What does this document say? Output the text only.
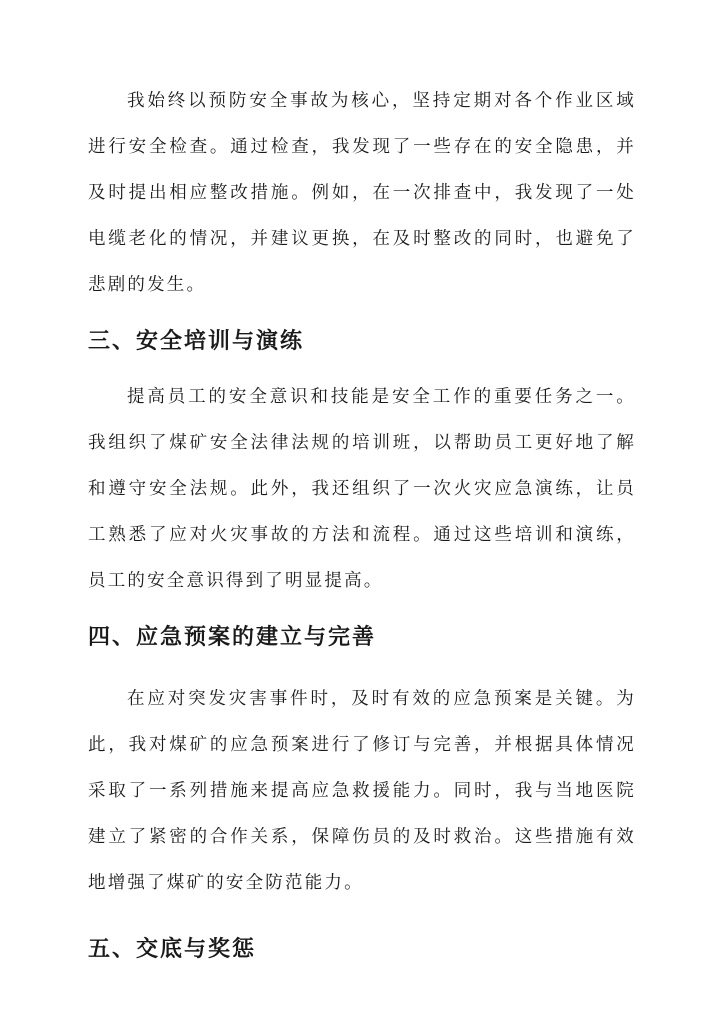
我始终以预防安全事故为核心，坚持定期对各个作业区域进行安全检查。通过检查，我发现了一些存在的安全隐患，并及时提出相应整改措施。例如，在一次排查中，我发现了一处电缆老化的情况，并建议更换，在及时整改的同时，也避免了悲剧的发生。

三、安全培训与演练

提高员工的安全意识和技能是安全工作的重要任务之一。我组织了煤矿安全法律法规的培训班，以帮助员工更好地了解和遵守安全法规。此外，我还组织了一次火灾应急演练，让员工熟悉了应对火灾事故的方法和流程。通过这些培训和演练，员工的安全意识得到了明显提高。

四、应急预案的建立与完善

在应对突发灾害事件时，及时有效的应急预案是关键。为此，我对煤矿的应急预案进行了修订与完善，并根据具体情况采取了一系列措施来提高应急救援能力。同时，我与当地医院建立了紧密的合作关系，保障伤员的及时救治。这些措施有效地增强了煤矿的安全防范能力。

五、交底与奖惩
